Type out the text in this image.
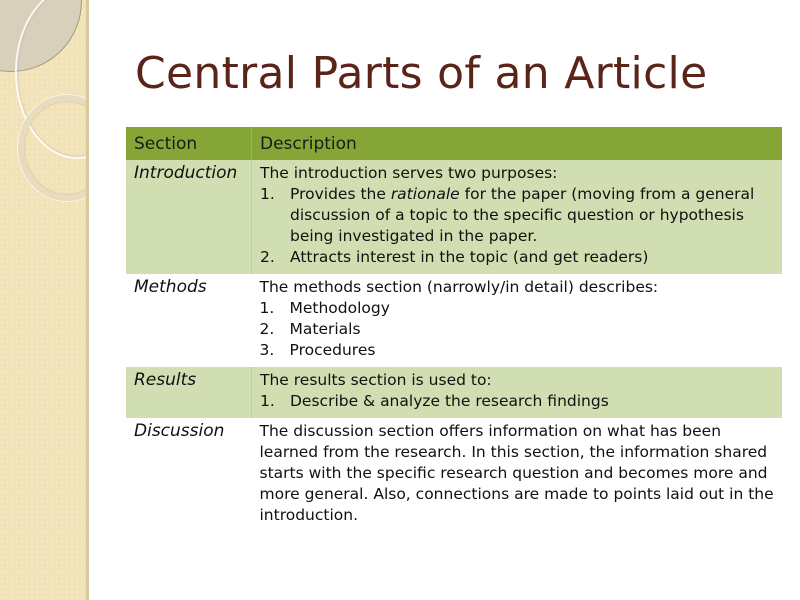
Central Parts of an Article
Section	Description
Introduction	The introduction serves two purposes:
1. Provides the rationale for the paper (moving from a general discussion of a topic to the specific question or hypothesis being investigated in the paper.
2. Attracts interest in the topic (and get readers)

Methods	The methods section (narrowly/in detail) describes:
1. Methodology
2. Materials
3. Procedures

Results	The results section is used to:
1. Describe & analyze the research findings

Discussion	The discussion section offers information on what has been learned from the research. In this section, the information shared starts with the specific research question and becomes more and more general. Also, connections are made to points laid out in the introduction.
